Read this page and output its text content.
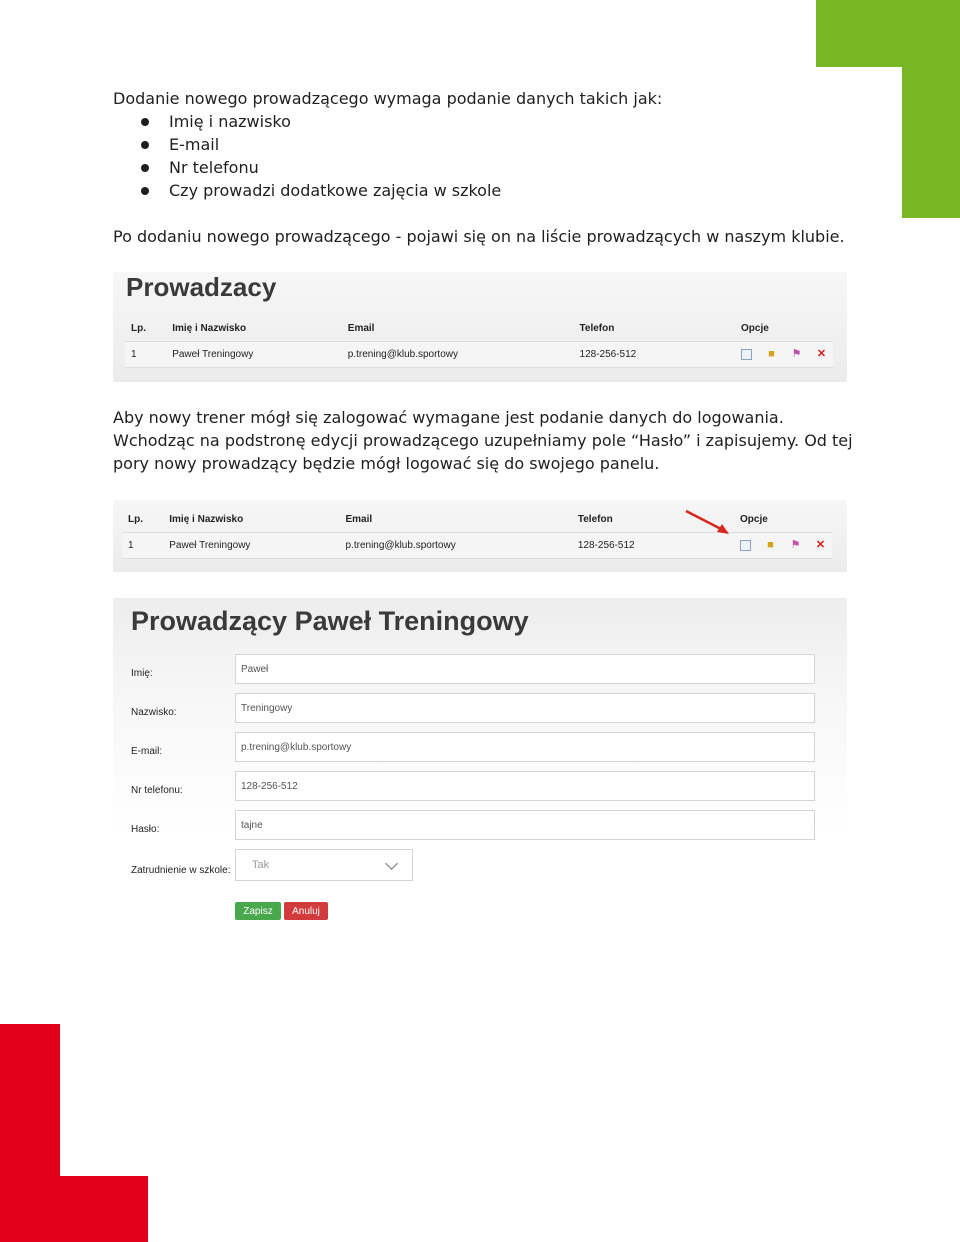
Dodanie nowego prowadzącego wymaga podanie danych takich jak:

Imię i nazwisko
E-mail
Nr telefonu
Czy prowadzi dodatkowe zajęcia w szkole

Po dodaniu nowego prowadzącego - pojawi się on na liście prowadzących w naszym klubie.

Prowadzacy
Lp.	Imię i Nazwisko	Email	Telefon	Opcje
1	Paweł Treningowy	p.trening@klub.sportowy	128-256-512	■ ⚑ ✕

Aby nowy trener mógł się zalogować wymagane jest podanie danych do logowania. Wchodząc na podstronę edycji prowadzącego uzupełniamy pole “Hasło” i zapisujemy. Od tej pory nowy prowadzący będzie mógł logować się do swojego panelu.

Lp.	Imię i Nazwisko	Email	Telefon	Opcje
1	Paweł Treningowy	p.trening@klub.sportowy	128-256-512	■ ⚑ ✕
Prowadzący Paweł Treningowy
Imię:
Paweł
Nazwisko:
Treningowy
E-mail:
p.trening@klub.sportowy
Nr telefonu:
128-256-512
Hasło:
tajne
Zatrudnienie w szkole: Tak
Zapisz	Anuluj
